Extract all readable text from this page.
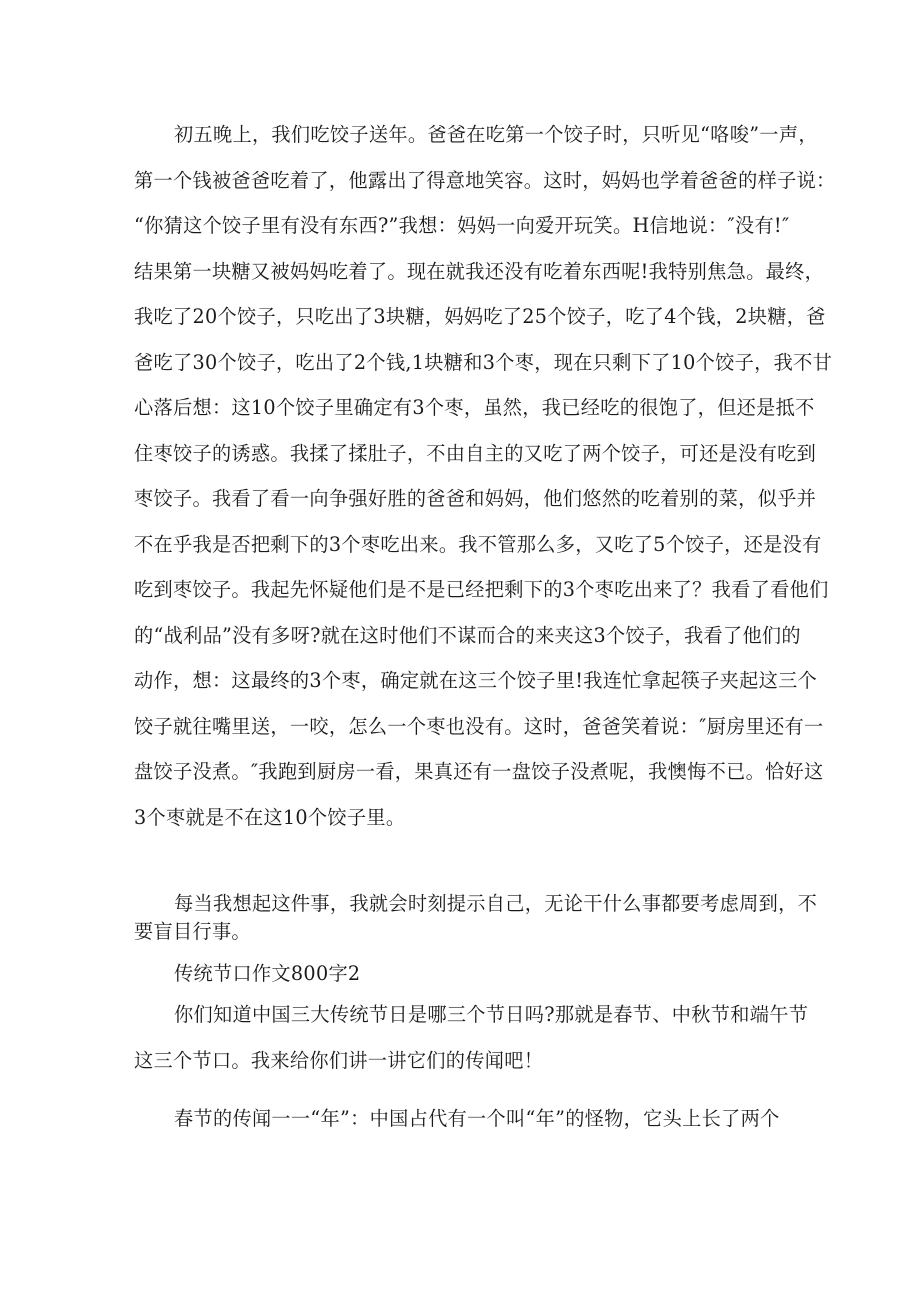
初五晚上，我们吃饺子送年。爸爸在吃第一个饺子时，只听见“咯唆”一声，
第一个钱被爸爸吃着了，他露出了得意地笑容。这时，妈妈也学着爸爸的样子说：
“你猜这个饺子里有没有东西?”我想：妈妈一向爱开玩笑。H信地说：″没有!″
结果第一块糖又被妈妈吃着了。现在就我还没有吃着东西呢!我特别焦急。最终，
我吃了20个饺子，只吃出了3块糖，妈妈吃了25个饺子，吃了4个钱，2块糖，爸
爸吃了30个饺子，吃出了2个钱,1块糖和3个枣，现在只剩下了10个饺子，我不甘
心落后想：这10个饺子里确定有3个枣，虽然，我已经吃的很饱了，但还是抵不
住枣饺子的诱惑。我揉了揉肚子，不由自主的又吃了两个饺子，可还是没有吃到
枣饺子。我看了看一向争强好胜的爸爸和妈妈，他们悠然的吃着别的菜，似乎并
不在乎我是否把剩下的3个枣吃出来。我不管那么多，又吃了5个饺子，还是没有
吃到枣饺子。我起先怀疑他们是不是已经把剩下的3个枣吃出来了？我看了看他们
的“战利品”没有多呀?就在这时他们不谋而合的来夹这3个饺子，我看了他们的
动作，想：这最终的3个枣，确定就在这三个饺子里!我连忙拿起筷子夹起这三个
饺子就往嘴里送，一咬，怎么一个枣也没有。这时，爸爸笑着说：″厨房里还有一
盘饺子没煮。″我跑到厨房一看，果真还有一盘饺子没煮呢，我懊悔不已。恰好这
3个枣就是不在这10个饺子里。

每当我想起这件事，我就会时刻提示自己，无论干什么事都要考虑周到，不
要盲目行事。

传统节口作文800字2

你们知道中国三大传统节日是哪三个节日吗?那就是春节、中秋节和端午节
这三个节口。我来给你们讲一讲它们的传闻吧！

春节的传闻一一“年”：中国占代有一个叫“年”的怪物，它头上长了两个
